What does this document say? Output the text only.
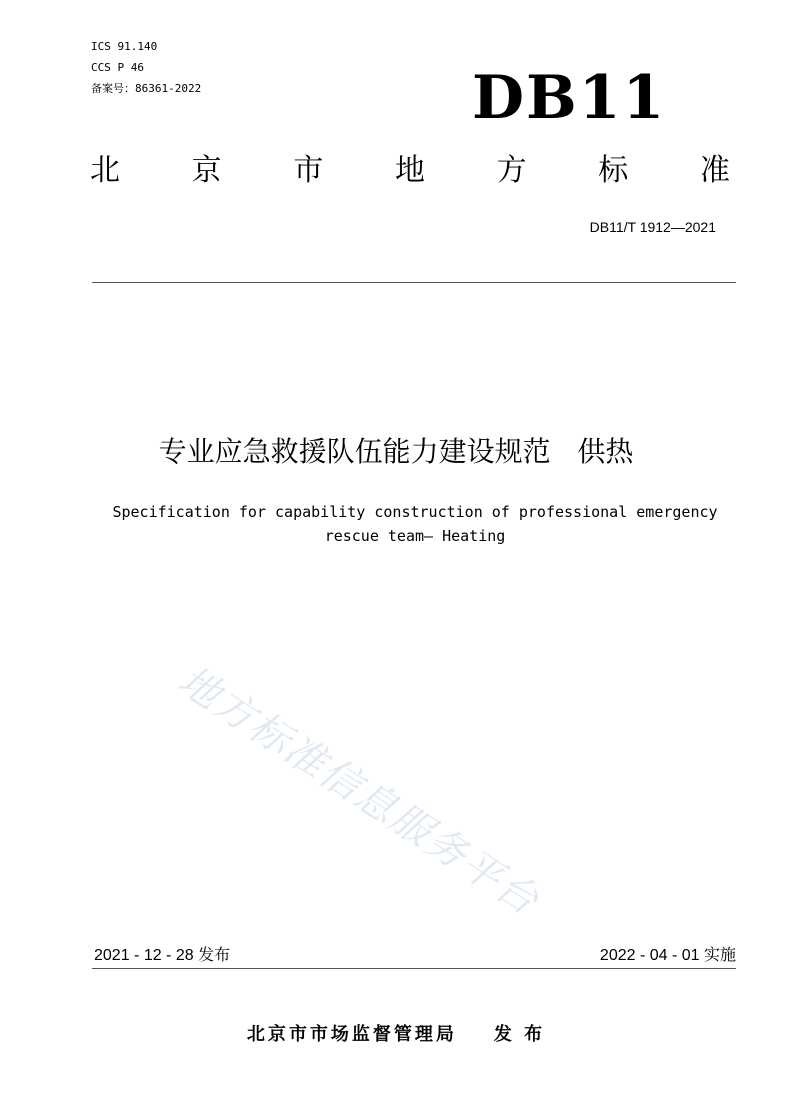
ICS 91.140
CCS P 46
备案号：86361-2022	DB11
北 京 市 地 方 标 准
DB11/T 1912—2021
专业应急救援队伍能力建设规范   供热
Specification for capability construction of professional emergency
rescue team— Heating
地方标准信息服务平台
2021 - 12 - 28 发布	2022 - 04 - 01 实施
北京市市场监督管理局    发 布
